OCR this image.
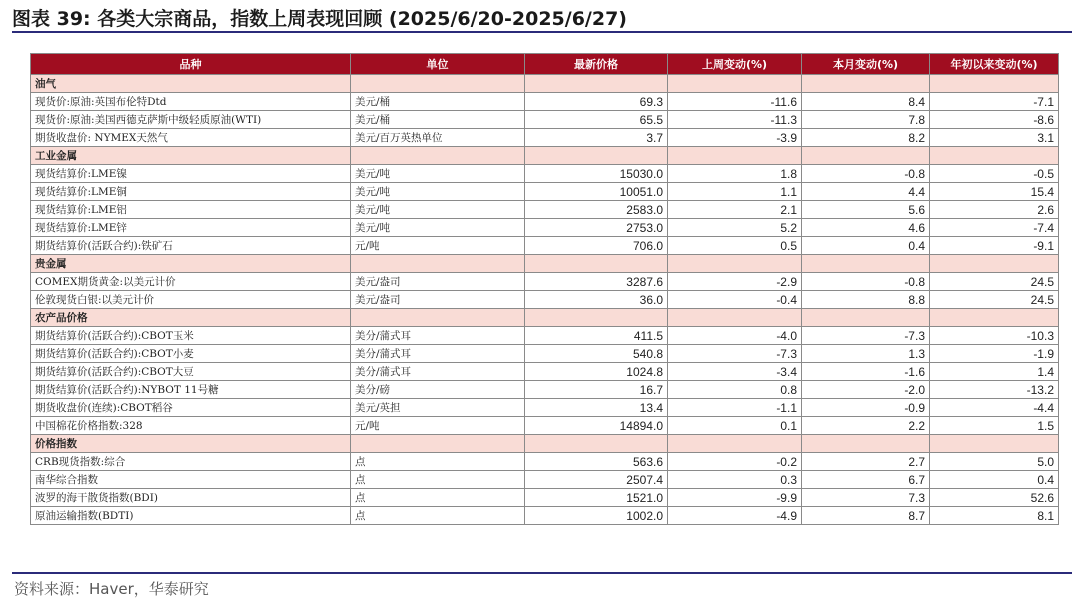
图表 39: 各类大宗商品，指数上周表现回顾 (2025/6/20-2025/6/27)
品种	单位	最新价格	上周变动(%)	本月变动(%)	年初以来变动(%)
油气					
现货价:原油:英国布伦特Dtd	美元/桶	69.3	-11.6	8.4	-7.1
现货价:原油:美国西德克萨斯中级轻质原油(WTI)	美元/桶	65.5	-11.3	7.8	-8.6
期货收盘价: NYMEX天然气	美元/百万英热单位	3.7	-3.9	8.2	3.1
工业金属					
现货结算价:LME镍	美元/吨	15030.0	1.8	-0.8	-0.5
现货结算价:LME铜	美元/吨	10051.0	1.1	4.4	15.4
现货结算价:LME铝	美元/吨	2583.0	2.1	5.6	2.6
现货结算价:LME锌	美元/吨	2753.0	5.2	4.6	-7.4
期货结算价(活跃合约):铁矿石	元/吨	706.0	0.5	0.4	-9.1
贵金属					
COMEX期货黄金:以美元计价	美元/盎司	3287.6	-2.9	-0.8	24.5
伦敦现货白银:以美元计价	美元/盎司	36.0	-0.4	8.8	24.5
农产品价格					
期货结算价(活跃合约):CBOT玉米	美分/蒲式耳	411.5	-4.0	-7.3	-10.3
期货结算价(活跃合约):CBOT小麦	美分/蒲式耳	540.8	-7.3	1.3	-1.9
期货结算价(活跃合约):CBOT大豆	美分/蒲式耳	1024.8	-3.4	-1.6	1.4
期货结算价(活跃合约):NYBOT 11号糖	美分/磅	16.7	0.8	-2.0	-13.2
期货收盘价(连续):CBOT稻谷	美元/英担	13.4	-1.1	-0.9	-4.4
中国棉花价格指数:328	元/吨	14894.0	0.1	2.2	1.5
价格指数					
CRB现货指数:综合	点	563.6	-0.2	2.7	5.0
南华综合指数	点	2507.4	0.3	6.7	0.4
波罗的海干散货指数(BDI)	点	1521.0	-9.9	7.3	52.6
原油运输指数(BDTI)	点	1002.0	-4.9	8.7	8.1
资料来源：Haver，华泰研究
